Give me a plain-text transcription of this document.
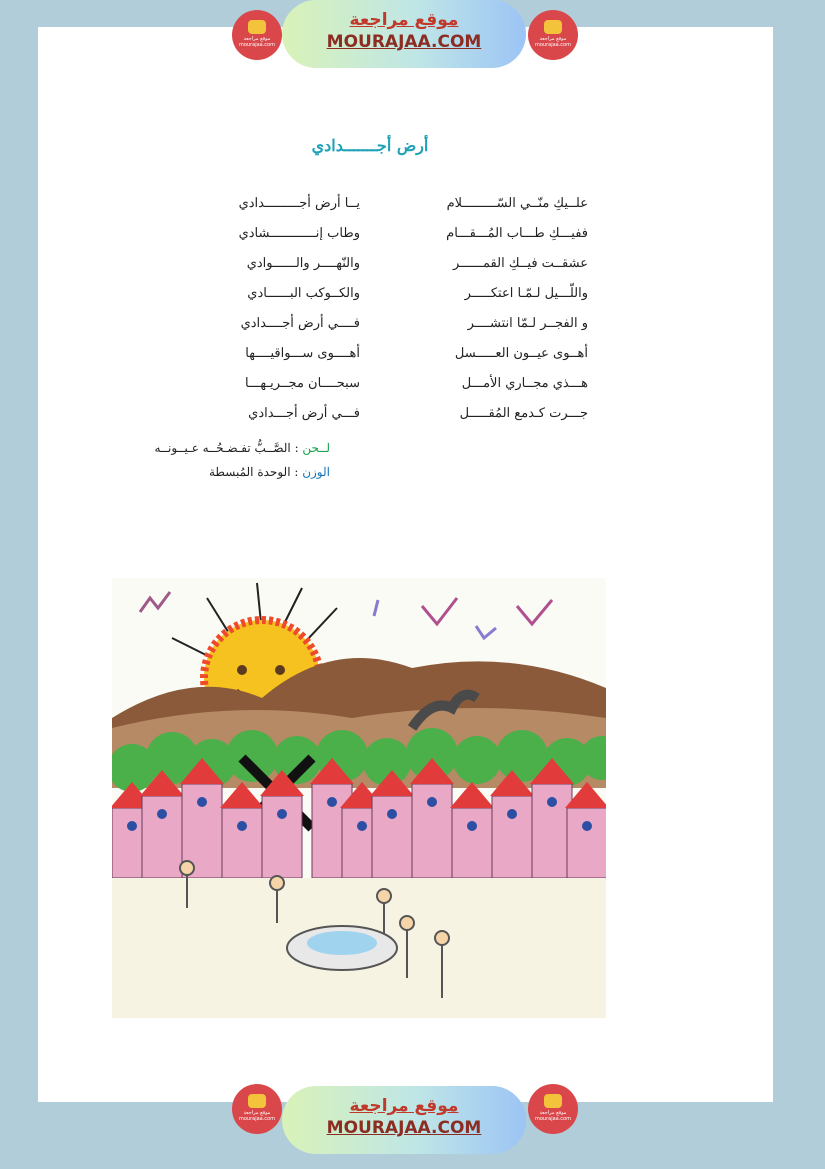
موقع مراجعة
mourajaa.com
موقع مراجعة
MOURAJAA.COM	موقع مراجعة
mourajaa.com
أرض أجـــــــدادي
علــيكِ منّــي السّـــــــــلام
يــا أرض أجـــــــــدادي
ففيـــكِ طـــاب المُـــقـــام
وطاب إنــــــــــــشادي
عشقــت فيــكِ القمــــــر
والنّهــــر والــــــوادي
واللّـــيل لـمّـا اعتكـــــر
والكــوكب البــــــادي
و الفجــر لـمّا انتشــــر
فــــي أرض أجــــدادي
أهــوى عيــون العـــــسل
أهــــوى ســـواقيــــها
هـــذي مجــاري الأمـــل
سبحــــان مجــريـهـــا
جـــرت كـدمع المُقـــــل
فـــي أرض أجـــدادي
لــحن : الصَّــبُّ تفـضـحُــه عـيــونــه
الوزن : الوحدة المُبسطة
موقع مراجعة
mourajaa.com
موقع مراجعة
MOURAJAA.COM
موقع مراجعة
mourajaa.com
